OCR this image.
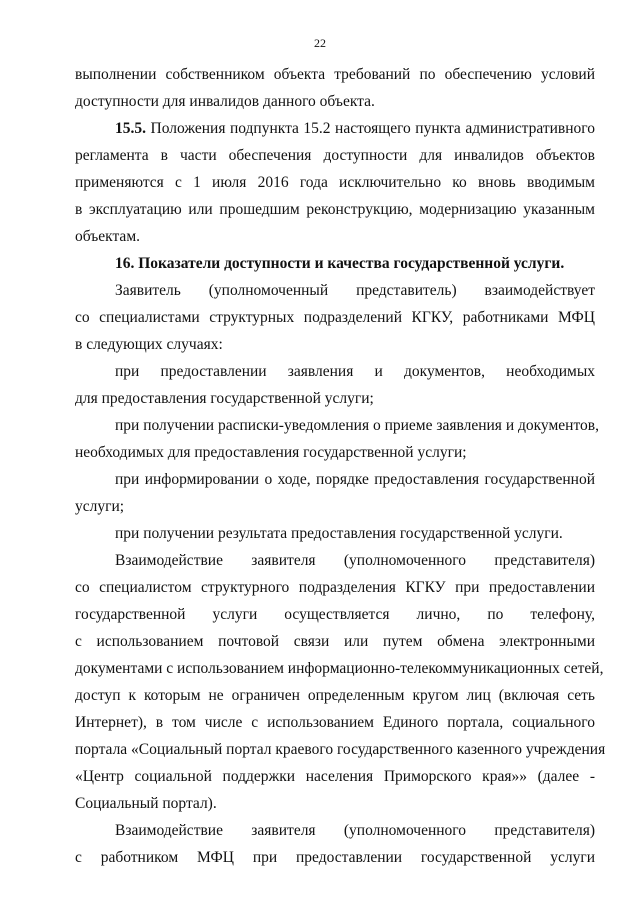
22
выполнении собственником объекта требований по обеспечению условий
доступности для инвалидов данного объекта.
15.5. Положения подпункта 15.2 настоящего пункта административного
регламента в части обеспечения доступности для инвалидов объектов
применяются с 1 июля 2016 года исключительно ко вновь вводимым
в эксплуатацию или прошедшим реконструкцию, модернизацию указанным
объектам.
16. Показатели доступности и качества государственной услуги.
Заявитель (уполномоченный представитель) взаимодействует
со специалистами структурных подразделений КГКУ, работниками МФЦ
в следующих случаях:
при предоставлении заявления и документов, необходимых
для предоставления государственной услуги;
при получении расписки-уведомления о приеме заявления и документов,
необходимых для предоставления государственной услуги;
при информировании о ходе, порядке предоставления государственной
услуги;
при получении результата предоставления государственной услуги.
Взаимодействие заявителя (уполномоченного представителя)
со специалистом структурного подразделения КГКУ при предоставлении
государственной услуги осуществляется лично, по телефону,
с использованием почтовой связи или путем обмена электронными
документами с использованием информационно-телекоммуникационных сетей,
доступ к которым не ограничен определенным кругом лиц (включая сеть
Интернет), в том числе с использованием Единого портала, социального
портала «Социальный портал краевого государственного казенного учреждения
«Центр социальной поддержки населения Приморского края»» (далее -
Социальный портал).
Взаимодействие заявителя (уполномоченного представителя)
с работником МФЦ при предоставлении государственной услуги
